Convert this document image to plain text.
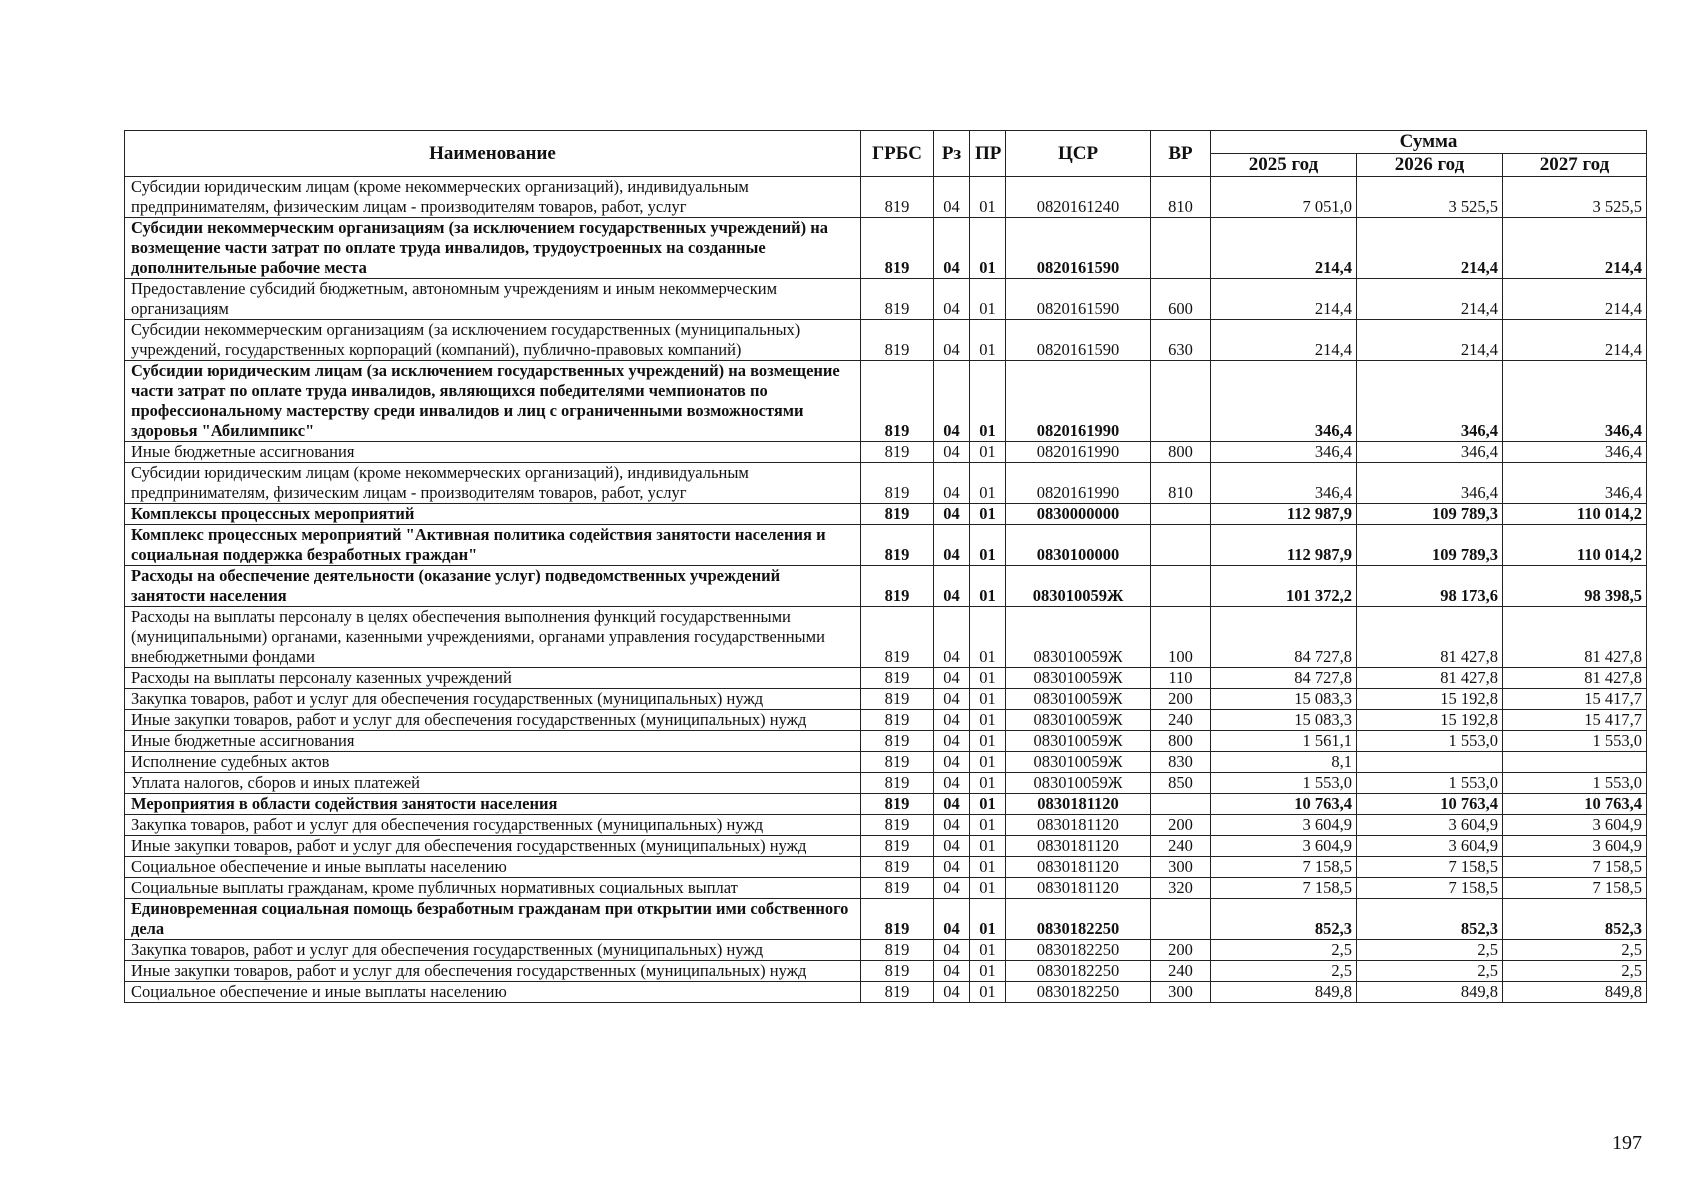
Наименование	ГРБС	Рз	ПР	ЦСР	ВР	Сумма		
						2025 год	2026 год	2027 год
Субсидии юридическим лицам (кроме некоммерческих организаций), индивидуальным предпринимателям, физическим лицам - производителям товаров, работ, услуг	819	04	01	0820161240	810	7 051,0	3 525,5	3 525,5
Субсидии некоммерческим организациям (за исключением государственных учреждений) на возмещение части затрат по оплате труда инвалидов, трудоустроенных на созданные дополнительные рабочие места	819	04	01	0820161590		214,4	214,4	214,4
Предоставление субсидий бюджетным, автономным учреждениям и иным некоммерческим организациям	819	04	01	0820161590	600	214,4	214,4	214,4
Субсидии некоммерческим организациям (за исключением государственных (муниципальных) учреждений, государственных корпораций (компаний), публично-правовых компаний)	819	04	01	0820161590	630	214,4	214,4	214,4
Субсидии юридическим лицам (за исключением государственных учреждений) на возмещение части затрат по оплате труда инвалидов, являющихся победителями чемпионатов по профессиональному мастерству среди инвалидов и лиц с ограниченными возможностями здоровья "Абилимпикс"	819	04	01	0820161990		346,4	346,4	346,4
Иные бюджетные ассигнования	819	04	01	0820161990	800	346,4	346,4	346,4
Субсидии юридическим лицам (кроме некоммерческих организаций), индивидуальным предпринимателям, физическим лицам - производителям товаров, работ, услуг	819	04	01	0820161990	810	346,4	346,4	346,4
Комплексы процессных мероприятий	819	04	01	0830000000		112 987,9	109 789,3	110 014,2
Комплекс процессных мероприятий "Активная политика содействия занятости населения и социальная поддержка безработных граждан"	819	04	01	0830100000		112 987,9	109 789,3	110 014,2
Расходы на обеспечение деятельности (оказание услуг) подведомственных учреждений занятости населения	819	04	01	083010059Ж		101 372,2	98 173,6	98 398,5
Расходы на выплаты персоналу в целях обеспечения выполнения функций государственными (муниципальными) органами, казенными учреждениями, органами управления государственными внебюджетными фондами	819	04	01	083010059Ж	100	84 727,8	81 427,8	81 427,8
Расходы на выплаты персоналу казенных учреждений	819	04	01	083010059Ж	110	84 727,8	81 427,8	81 427,8
Закупка товаров, работ и услуг для обеспечения государственных (муниципальных) нужд	819	04	01	083010059Ж	200	15 083,3	15 192,8	15 417,7
Иные закупки товаров, работ и услуг для обеспечения государственных (муниципальных) нужд	819	04	01	083010059Ж	240	15 083,3	15 192,8	15 417,7
Иные бюджетные ассигнования	819	04	01	083010059Ж	800	1 561,1	1 553,0	1 553,0
Исполнение судебных актов	819	04	01	083010059Ж	830	8,1		
Уплата налогов, сборов и иных платежей	819	04	01	083010059Ж	850	1 553,0	1 553,0	1 553,0
Мероприятия в области содействия занятости населения	819	04	01	0830181120		10 763,4	10 763,4	10 763,4
Закупка товаров, работ и услуг для обеспечения государственных (муниципальных) нужд	819	04	01	0830181120	200	3 604,9	3 604,9	3 604,9
Иные закупки товаров, работ и услуг для обеспечения государственных (муниципальных) нужд	819	04	01	0830181120	240	3 604,9	3 604,9	3 604,9
Социальное обеспечение и иные выплаты населению	819	04	01	0830181120	300	7 158,5	7 158,5	7 158,5
Социальные выплаты гражданам, кроме публичных нормативных социальных выплат	819	04	01	0830181120	320	7 158,5	7 158,5	7 158,5
Единовременная социальная помощь безработным гражданам при открытии ими собственного дела	819	04	01	0830182250		852,3	852,3	852,3
Закупка товаров, работ и услуг для обеспечения государственных (муниципальных) нужд	819	04	01	0830182250	200	2,5	2,5	2,5
Иные закупки товаров, работ и услуг для обеспечения государственных (муниципальных) нужд	819	04	01	0830182250	240	2,5	2,5	2,5
Социальное обеспечение и иные выплаты населению	819	04	01	0830182250	300	849,8	849,8	849,8
197
